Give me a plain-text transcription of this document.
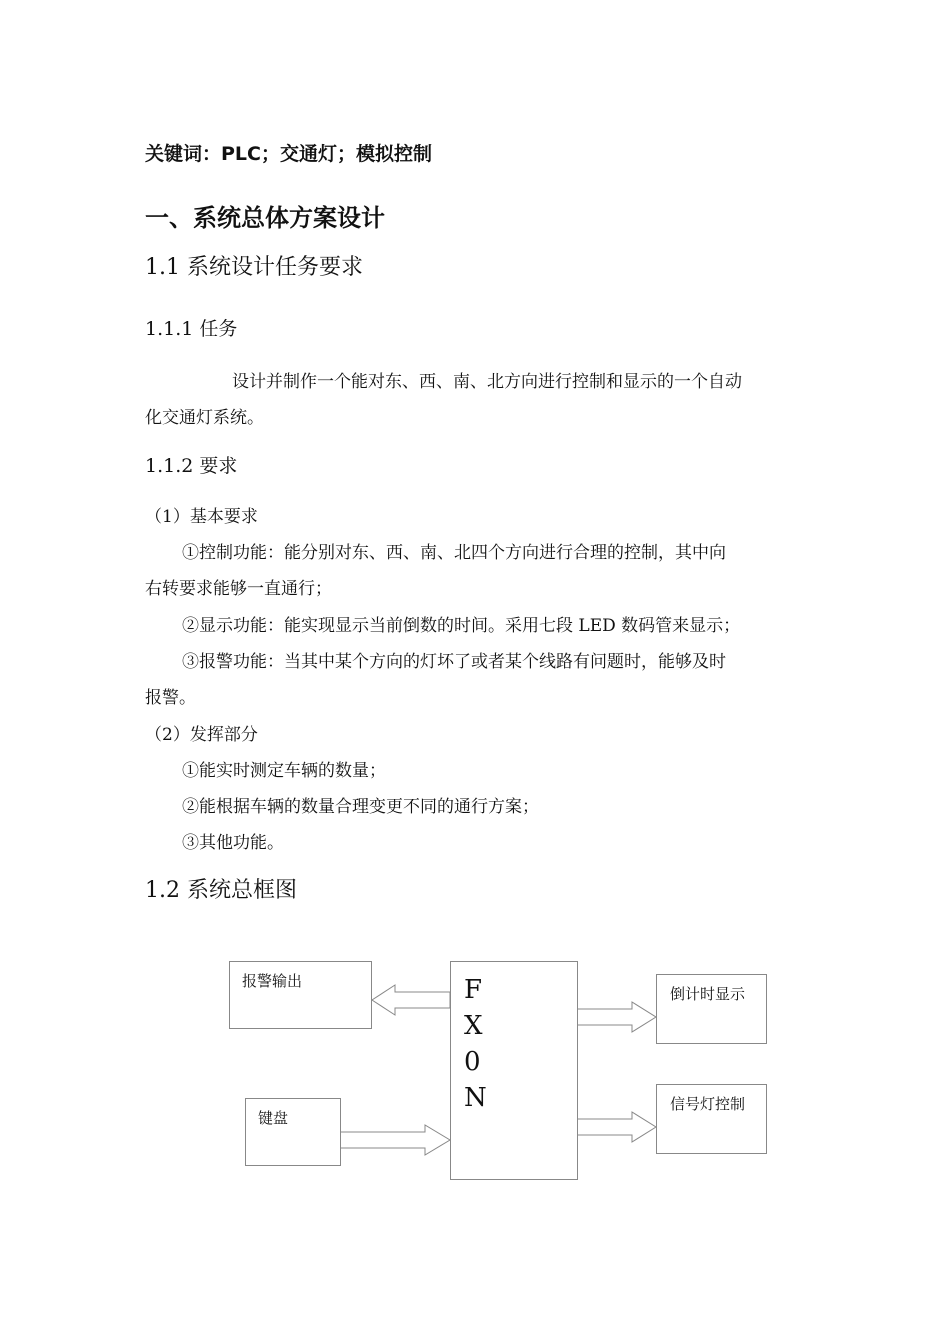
关键词：PLC；交通灯；模拟控制
一、系统总体方案设计
1.1 系统设计任务要求
1.1.1 任务
设计并制作一个能对东、西、南、北方向进行控制和显示的一个自动
化交通灯系统。
1.1.2 要求
（1）基本要求
①控制功能：能分别对东、西、南、北四个方向进行合理的控制，其中向
右转要求能够一直通行；
②显示功能：能实现显示当前倒数的时间。采用七段 LED 数码管来显示；
③报警功能：当其中某个方向的灯坏了或者某个线路有问题时，能够及时
报警。
（2）发挥部分
①能实时测定车辆的数量；
②能根据车辆的数量合理变更不同的通行方案；
③其他功能。
1.2 系统总框图
报警输出
键盘
F
X
0
N
倒计时显示
信号灯控制
